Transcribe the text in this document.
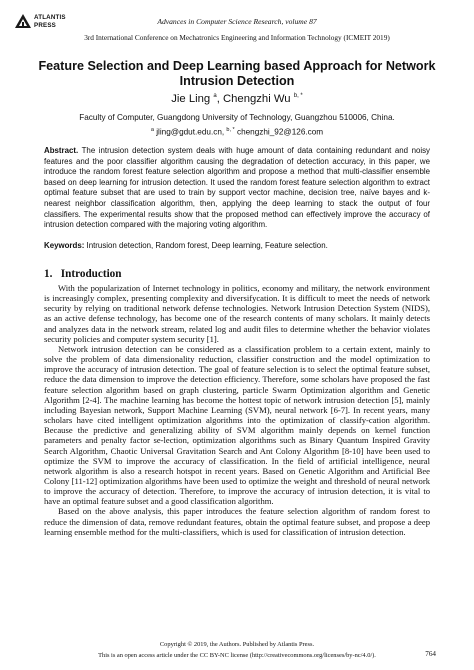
ATLANTIS
PRESS	Advances in Computer Science Research, volume 87
3rd International Conference on Mechatronics Engineering and Information Technology (ICMEIT 2019)
Feature Selection and Deep Learning based Approach for Network Intrusion Detection
Jie Ling $^a$, Chengzhi Wu $^{b, *}$
Faculty of Computer, Guangdong University of Technology, Guangzhou 510006, China.
$^a$ jling@gdut.edu.cn, $^{b, *}$ chengzhi_92@126.com

Abstract. The intrusion detection system deals with huge amount of data containing redundant and noisy features and the poor classifier algorithm causing the degradation of detection accuracy, in this paper, we introduce the random forest feature selection algorithm and propose a method that multi-classifier ensemble based on deep learning for intrusion detection. It used the random forest feature selection algorithm to extract optimal feature subset that are used to train by support vector machine, decision tree, naïve bayes and k-nearest neighbor classification algorithm, then, applying the deep learning to stack the output of four classifiers. The experimental results show that the proposed method can effectively improve the accuracy of intrusion detection compared with the majoring voting algorithm.

Keywords: Intrusion detection, Random forest, Deep learning, Feature selection.

1. Introduction

With the popularization of Internet technology in politics, economy and military, the network environment is increasingly complex, presenting complexity and diversifycation. It is difficult to meet the needs of network security by relying on traditional network defense technologies. Network Intrusion Detection System (NIDS), as an active defense technology, has become one of the research contents of many scholars. It mainly detects and analyzes data in the network stream, related log and audit files to determine whether the behavior violates security policies and computer system security [1].

Network intrusion detection can be considered as a classification problem to a certain extent, mainly to solve the problem of data dimensionality reduction, classifier construction and the model optimization to improve the accuracy of intrusion detection. The goal of feature selection is to select the optimal feature subset, reduce the data dimension to improve the detection efficiency. Therefore, some scholars have proposed the fast feature selection algorithm based on graph clustering, particle Swarm Optimization algorithm and Genetic Algorithm [2-4]. The machine learning has become the hottest topic of network intrusion detection [5], mainly including Bayesian network, Support Machine Learning (SVM), neural network [6-7]. In recent years, many scholars have cited intelligent optimization algorithms into the optimization of classify-cation algorithm. Because the predictive and generalizing ability of SVM algorithm mainly depends on kernel function parameters and penalty factor se-lection, optimization algorithms such as Binary Quantum Inspired Gravity Search Algorithm, Chaotic Universal Gravitation Search and Ant Colony Algorithm [8-10] have been used to optimize the SVM to improve the accuracy of classification. In the field of artificial intelligence, neural network algorithm is also a research hotspot in recent years. Based on Genetic Algorithm and Artificial Bee Colony [11-12] optimization algorithms have been used to optimize the weight and threshold of neural network to improve the accuracy of detection. Therefore, to improve the accuracy of intrusion detection, it is vital to have an optimal feature subset and a good classification algorithm.

Based on the above analysis, this paper introduces the feature selection algorithm of random forest to reduce the dimension of data, remove redundant features, obtain the optimal feature subset, and propose a deep learning ensemble method for the multi-classifiers, which is used for classification of intrusion detection.

Copyright © 2019, the Authors. Published by Atlantis Press.
This is an open access article under the CC BY-NC license (http://creativecommons.org/licenses/by-nc/4.0/).	764
